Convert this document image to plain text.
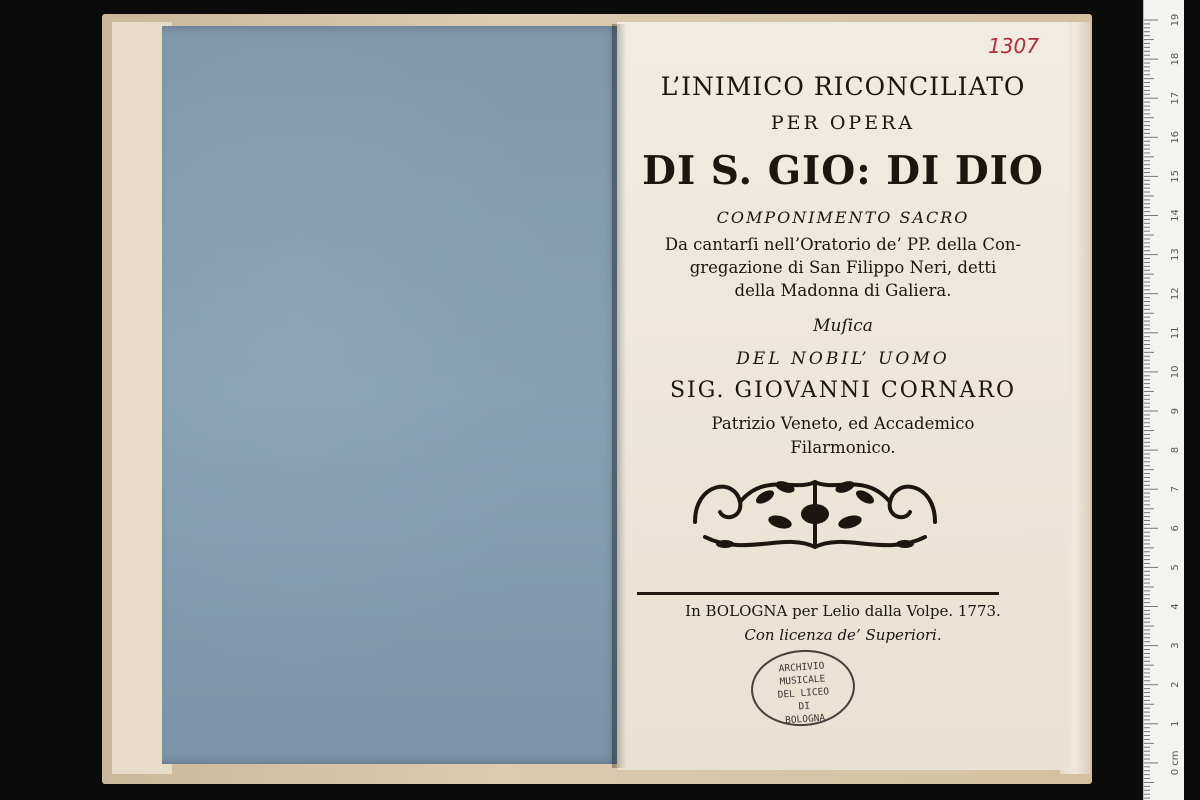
1307
L’INIMICO RICONCILIATO
PER OPERA
DI S. GIO: DI DIO
COMPONIMENTO SACRO
Da cantarſi nell’Oratorio de’ PP. della Con-
gregazione di San Filippo Neri, detti
della Madonna di Galiera.
Muſica
DEL NOBIL’ UOMO
SIG. GIOVANNI CORNARO
Patrizio Veneto, ed Accademico
Filarmonico.
In BOLOGNA per Lelio dalla Volpe. 1773.
Con licenza de’ Superiori.
ARCHIVIO
MUSICALE
DEL LICEO
DI
BOLOGNA
19
18
17
16
15
14
13
12
11
10
9
8
7
6
5
4
3
2
1
0 cm
